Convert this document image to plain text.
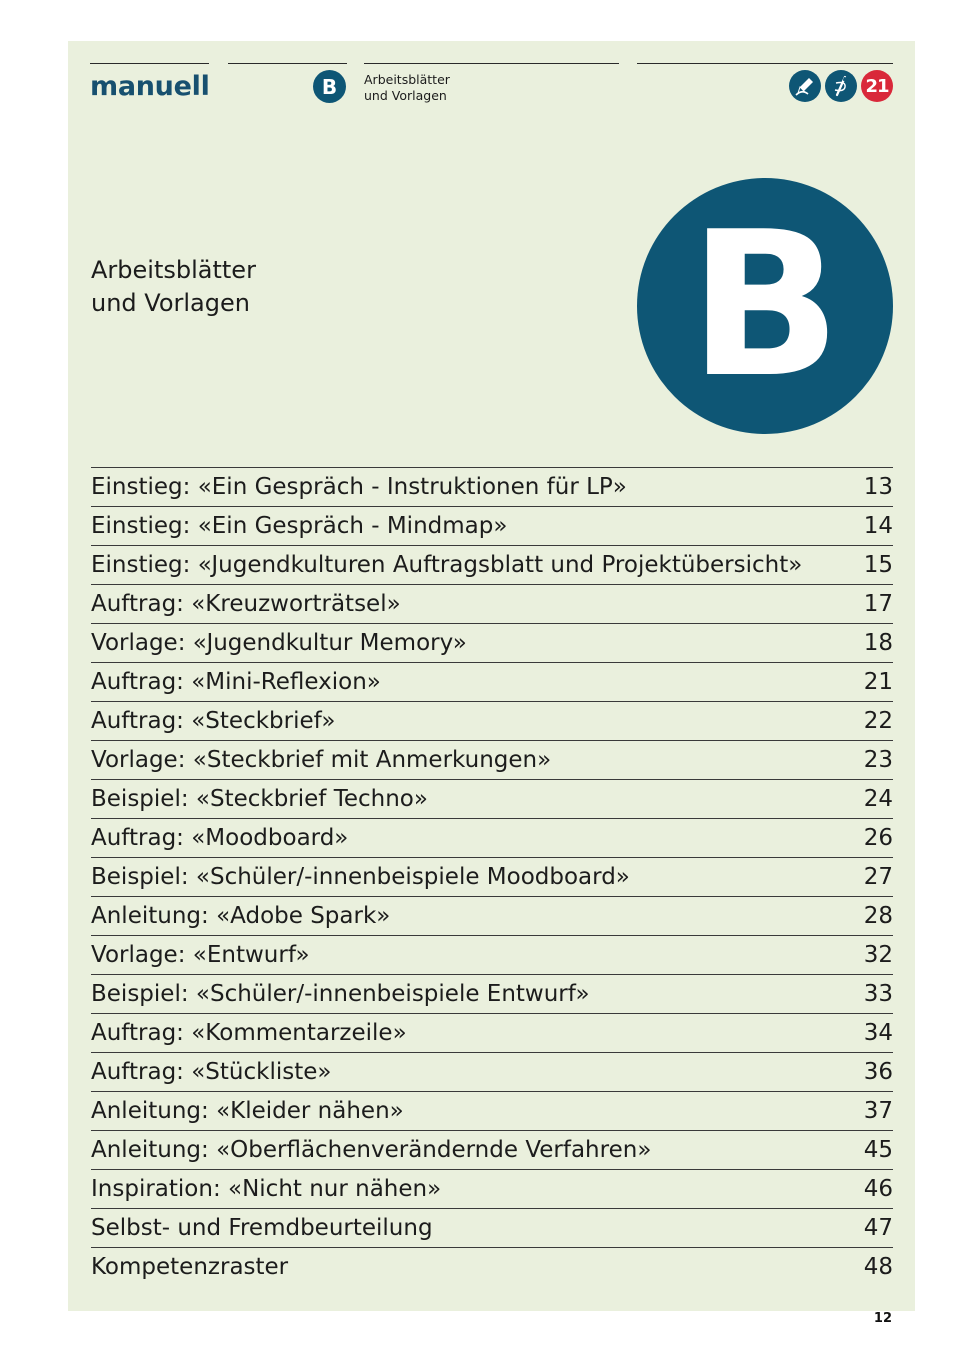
manuell	B	Arbeitsblätter
und Vorlagen	21
Arbeitsblätter
und Vorlagen B
Einstieg: «Ein Gespräch - Instruktionen für LP»	13
Einstieg: «Ein Gespräch - Mindmap»	14
Einstieg: «Jugendkulturen Auftragsblatt und Projektübersicht»	15
Auftrag: «Kreuzworträtsel»	17
Vorlage: «Jugendkultur Memory»	18
Auftrag: «Mini-Reflexion»	21
Auftrag: «Steckbrief»	22
Vorlage: «Steckbrief mit Anmerkungen»	23
Beispiel: «Steckbrief Techno»	24
Auftrag: «Moodboard»	26
Beispiel: «Schüler/-innenbeispiele Moodboard»	27
Anleitung: «Adobe Spark»	28
Vorlage: «Entwurf»	32
Beispiel: «Schüler/-innenbeispiele Entwurf»	33
Auftrag: «Kommentarzeile»	34
Auftrag: «Stückliste»	36
Anleitung: «Kleider nähen»	37
Anleitung: «Oberflächenverändernde Verfahren»	45
Inspiration: «Nicht nur nähen»	46
Selbst- und Fremdbeurteilung	47
Kompetenzraster	48
12
